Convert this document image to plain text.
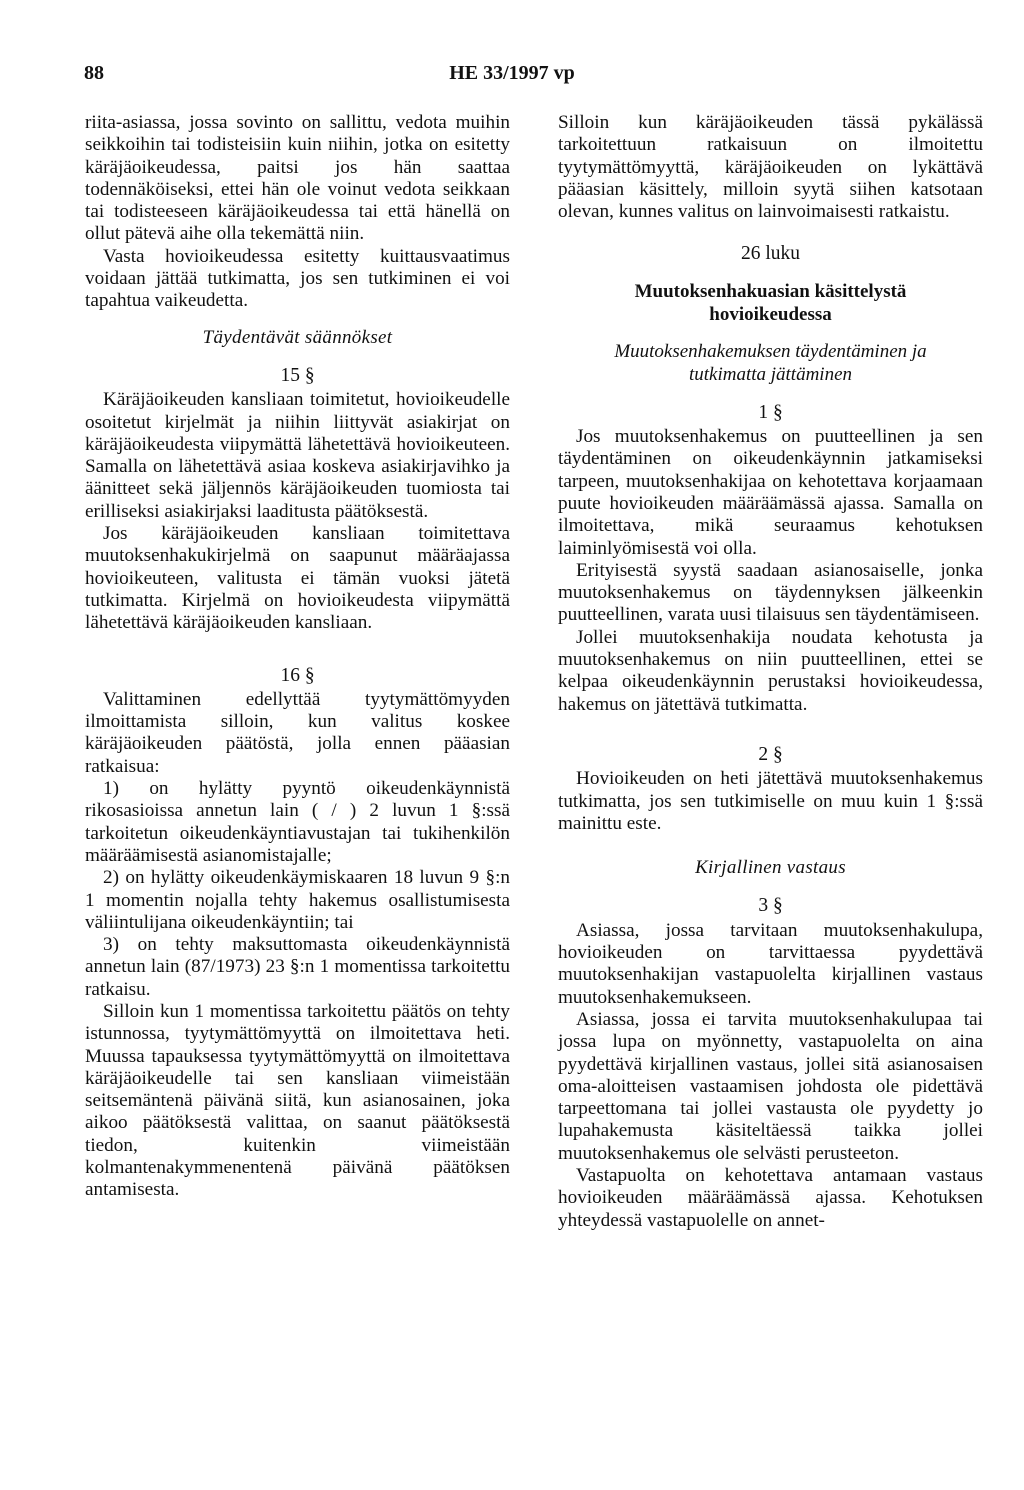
88	HE 33/1997 vp

riita-asiassa, jossa sovinto on sallittu, vedota muihin seikkoihin tai todisteisiin kuin niihin, jotka on esitetty käräjäoikeudessa, paitsi jos hän saattaa todennäköiseksi, ettei hän ole voinut vedota seikkaan tai todisteeseen käräjäoikeudessa tai että hänellä on ollut pätevä aihe olla tekemättä niin.

Vasta hovioikeudessa esitetty kuittausvaatimus voidaan jättää tutkimatta, jos sen tutkiminen ei voi tapahtua vaikeudetta.

Täydentävät säännökset
15 §

Käräjäoikeuden kansliaan toimitetut, hovioikeudelle osoitetut kirjelmät ja niihin liittyvät asiakirjat on käräjäoikeudesta viipymättä lähetettävä hovioikeuteen. Samalla on lähetettävä asiaa koskeva asiakirjavihko ja äänitteet sekä jäljennös käräjäoikeuden tuomiosta tai erilliseksi asiakirjaksi laaditusta päätöksestä.

Jos käräjäoikeuden kansliaan toimitettava muutoksenhakukirjelmä on saapunut määräajassa hovioikeuteen, valitusta ei tämän vuoksi jätetä tutkimatta. Kirjelmä on hovioikeudesta viipymättä lähetettävä käräjäoikeuden kansliaan.

16 §

Valittaminen edellyttää tyytymättömyyden ilmoittamista silloin, kun valitus koskee käräjäoikeuden päätöstä, jolla ennen pääasian ratkaisua:

1) on hylätty pyyntö oikeudenkäynnistä rikosasioissa annetun lain ( / ) 2 luvun 1 §:ssä tarkoitetun oikeudenkäyntiavustajan tai tukihenkilön määräämisestä asianomistajalle;

2) on hylätty oikeudenkäymiskaaren 18 luvun 9 §:n 1 momentin nojalla tehty hakemus osallistumisesta väliintulijana oikeudenkäyntiin; tai

3) on tehty maksuttomasta oikeudenkäynnistä annetun lain (87/1973) 23 §:n 1 momentissa tarkoitettu ratkaisu.

Silloin kun 1 momentissa tarkoitettu päätös on tehty istunnossa, tyytymättömyyttä on ilmoitettava heti. Muussa tapauksessa tyytymättömyyttä on ilmoitettava käräjäoikeudelle tai sen kansliaan viimeistään seitsemäntenä päivänä siitä, kun asianosainen, joka aikoo päätöksestä valittaa, on saanut päätöksestä tiedon, kuitenkin viimeistään kolmantenakymmenentenä päivänä päätöksen antamisesta.

Silloin kun käräjäoikeuden tässä pykälässä tarkoitettuun ratkaisuun on ilmoitettu tyytymättömyyttä, käräjäoikeuden on lykättävä pääasian käsittely, milloin syytä siihen katsotaan olevan, kunnes valitus on lainvoimaisesti ratkaistu.

26 luku
Muutoksenhakuasian käsittelystä
hovioikeudessa
Muutoksenhakemuksen täydentäminen ja
tutkimatta jättäminen
1 §

Jos muutoksenhakemus on puutteellinen ja sen täydentäminen on oikeudenkäynnin jatkamiseksi tarpeen, muutoksenhakijaa on kehotettava korjaamaan puute hovioikeuden määräämässä ajassa. Samalla on ilmoitettava, mikä seuraamus kehotuksen laiminlyömisestä voi olla.

Erityisestä syystä saadaan asianosaiselle, jonka muutoksenhakemus on täydennyksen jälkeenkin puutteellinen, varata uusi tilaisuus sen täydentämiseen.

Jollei muutoksenhakija noudata kehotusta ja muutoksenhakemus on niin puutteellinen, ettei se kelpaa oikeudenkäynnin perustaksi hovioikeudessa, hakemus on jätettävä tutkimatta.

2 §

Hovioikeuden on heti jätettävä muutoksenhakemus tutkimatta, jos sen tutkimiselle on muu kuin 1 §:ssä mainittu este.

Kirjallinen vastaus
3 §

Asiassa, jossa tarvitaan muutoksenhakulupa, hovioikeuden on tarvittaessa pyydettävä muutoksenhakijan vastapuolelta kirjallinen vastaus muutoksenhakemukseen.

Asiassa, jossa ei tarvita muutoksenhakulupaa tai jossa lupa on myönnetty, vastapuolelta on aina pyydettävä kirjallinen vastaus, jollei sitä asianosaisen oma-aloitteisen vastaamisen johdosta ole pidettävä tarpeettomana tai jollei vastausta ole pyydetty jo lupahakemusta käsiteltäessä taikka jollei muutoksenhakemus ole selvästi perusteeton.

Vastapuolta on kehotettava antamaan vastaus hovioikeuden määräämässä ajassa. Kehotuksen yhteydessä vastapuolelle on annet-
